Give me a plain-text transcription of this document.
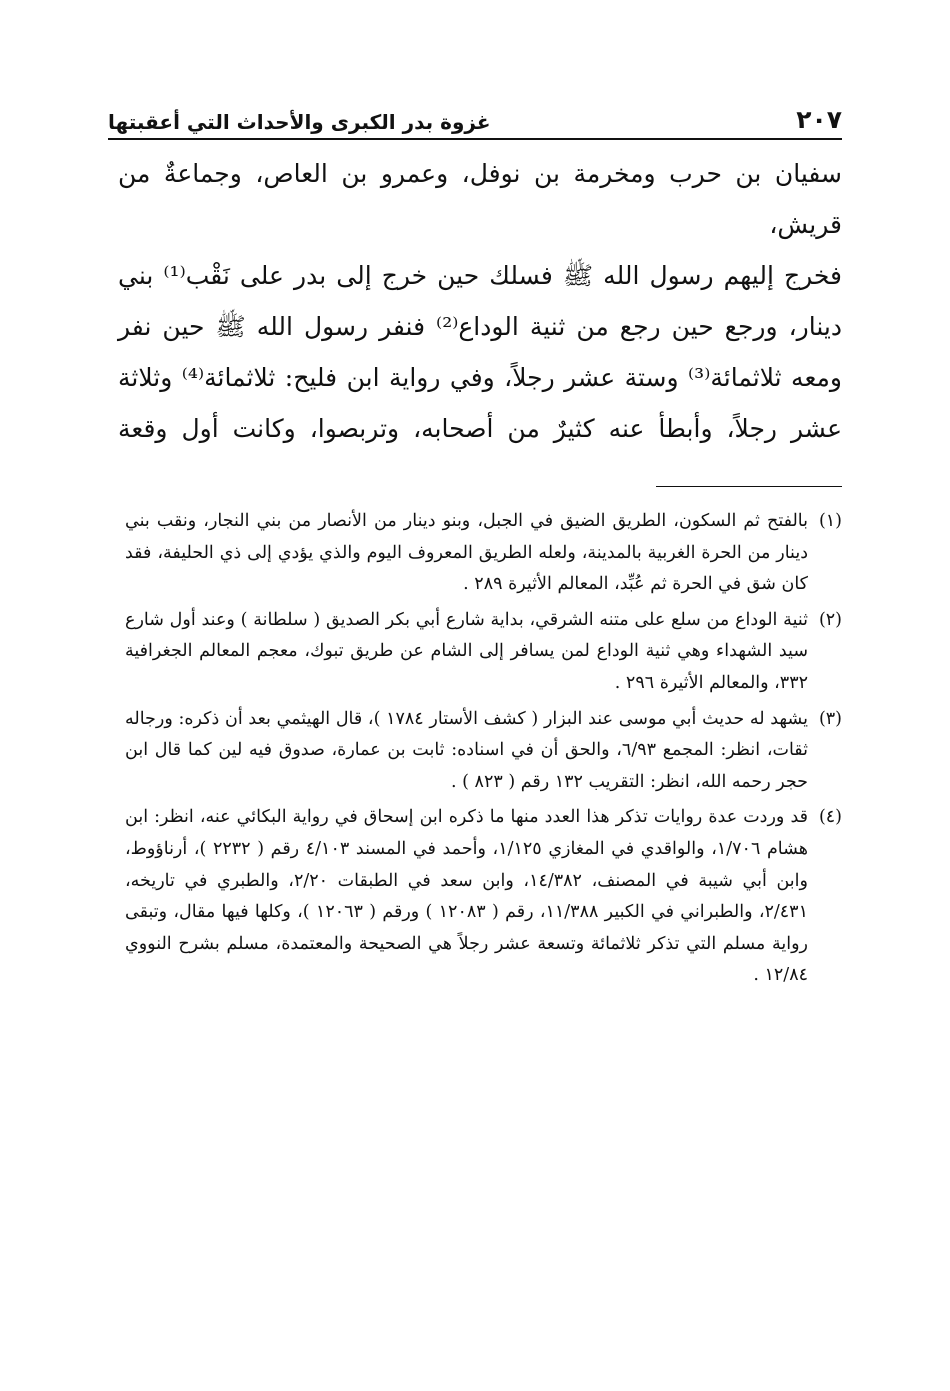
٢٠٧
غزوة بدر الكبرى والأحداث التي أعقبتها
سفيان بن حرب ومخرمة بن نوفل، وعمرو بن العاص، وجماعةٌ من قريش،
فخرج إليهم رسول الله ﷺ فسلك حين خرج إلى بدر على نَقْب⁽¹⁾ بني
دينار، ورجع حين رجع من ثنية الوداع⁽²⁾ فنفر رسول الله ﷺ حين نفر
ومعه ثلاثمائة⁽³⁾ وستة عشر رجلاً، وفي رواية ابن فليح: ثلاثمائة⁽⁴⁾ وثلاثة
عشر رجلاً، وأبطأ عنه كثيرٌ من أصحابه، وتربصوا، وكانت أول وقعة

(١)
بالفتح ثم السكون، الطريق الضيق في الجبل، وبنو دينار من الأنصار من بني النجار، ونقب بني دينار من الحرة الغربية بالمدينة، ولعله الطريق المعروف اليوم والذي يؤدي إلى ذي الحليفة، فقد كان شق في الحرة ثم عُبِّد، المعالم الأثيرة ٢٨٩ .

(٢)
ثنية الوداع من سلع على متنه الشرقي، بداية شارع أبي بكر الصديق ( سلطانة ) وعند أول شارع سيد الشهداء وهي ثنية الوداع لمن يسافر إلى الشام عن طريق تبوك، معجم المعالم الجغرافية ٣٣٢، والمعالم الأثيرة ٢٩٦ .

(٣)
يشهد له حديث أبي موسى عند البزار ( كشف الأستار ١٧٨٤ )، قال الهيثمي بعد أن ذكره: ورجاله ثقات، انظر: المجمع ٦/٩٣، والحق أن في اسناده: ثابت بن عمارة، صدوق فيه لين كما قال ابن حجر رحمه الله، انظر: التقريب ١٣٢ رقم ( ٨٢٣ ) .

(٤)
قد وردت عدة روايات تذكر هذا العدد منها ما ذكره ابن إسحاق في رواية البكائي عنه، انظر: ابن هشام ١/٧٠٦، والواقدي في المغازي ١/١٢٥، وأحمد في المسند ٤/١٠٣ رقم ( ٢٢٣٢ )، أرناؤوط، وابن أبي شيبة في المصنف، ١٤/٣٨٢، وابن سعد في الطبقات ٢/٢٠، والطبري في تاريخه، ٢/٤٣١، والطبراني في الكبير ١١/٣٨٨، رقم ( ١٢٠٨٣ ) ورقم ( ١٢٠٦٣ )، وكلها فيها مقال، وتبقى رواية مسلم التي تذكر ثلاثمائة وتسعة عشر رجلاً هي الصحيحة والمعتمدة، مسلم بشرح النووي ١٢/٨٤ .
